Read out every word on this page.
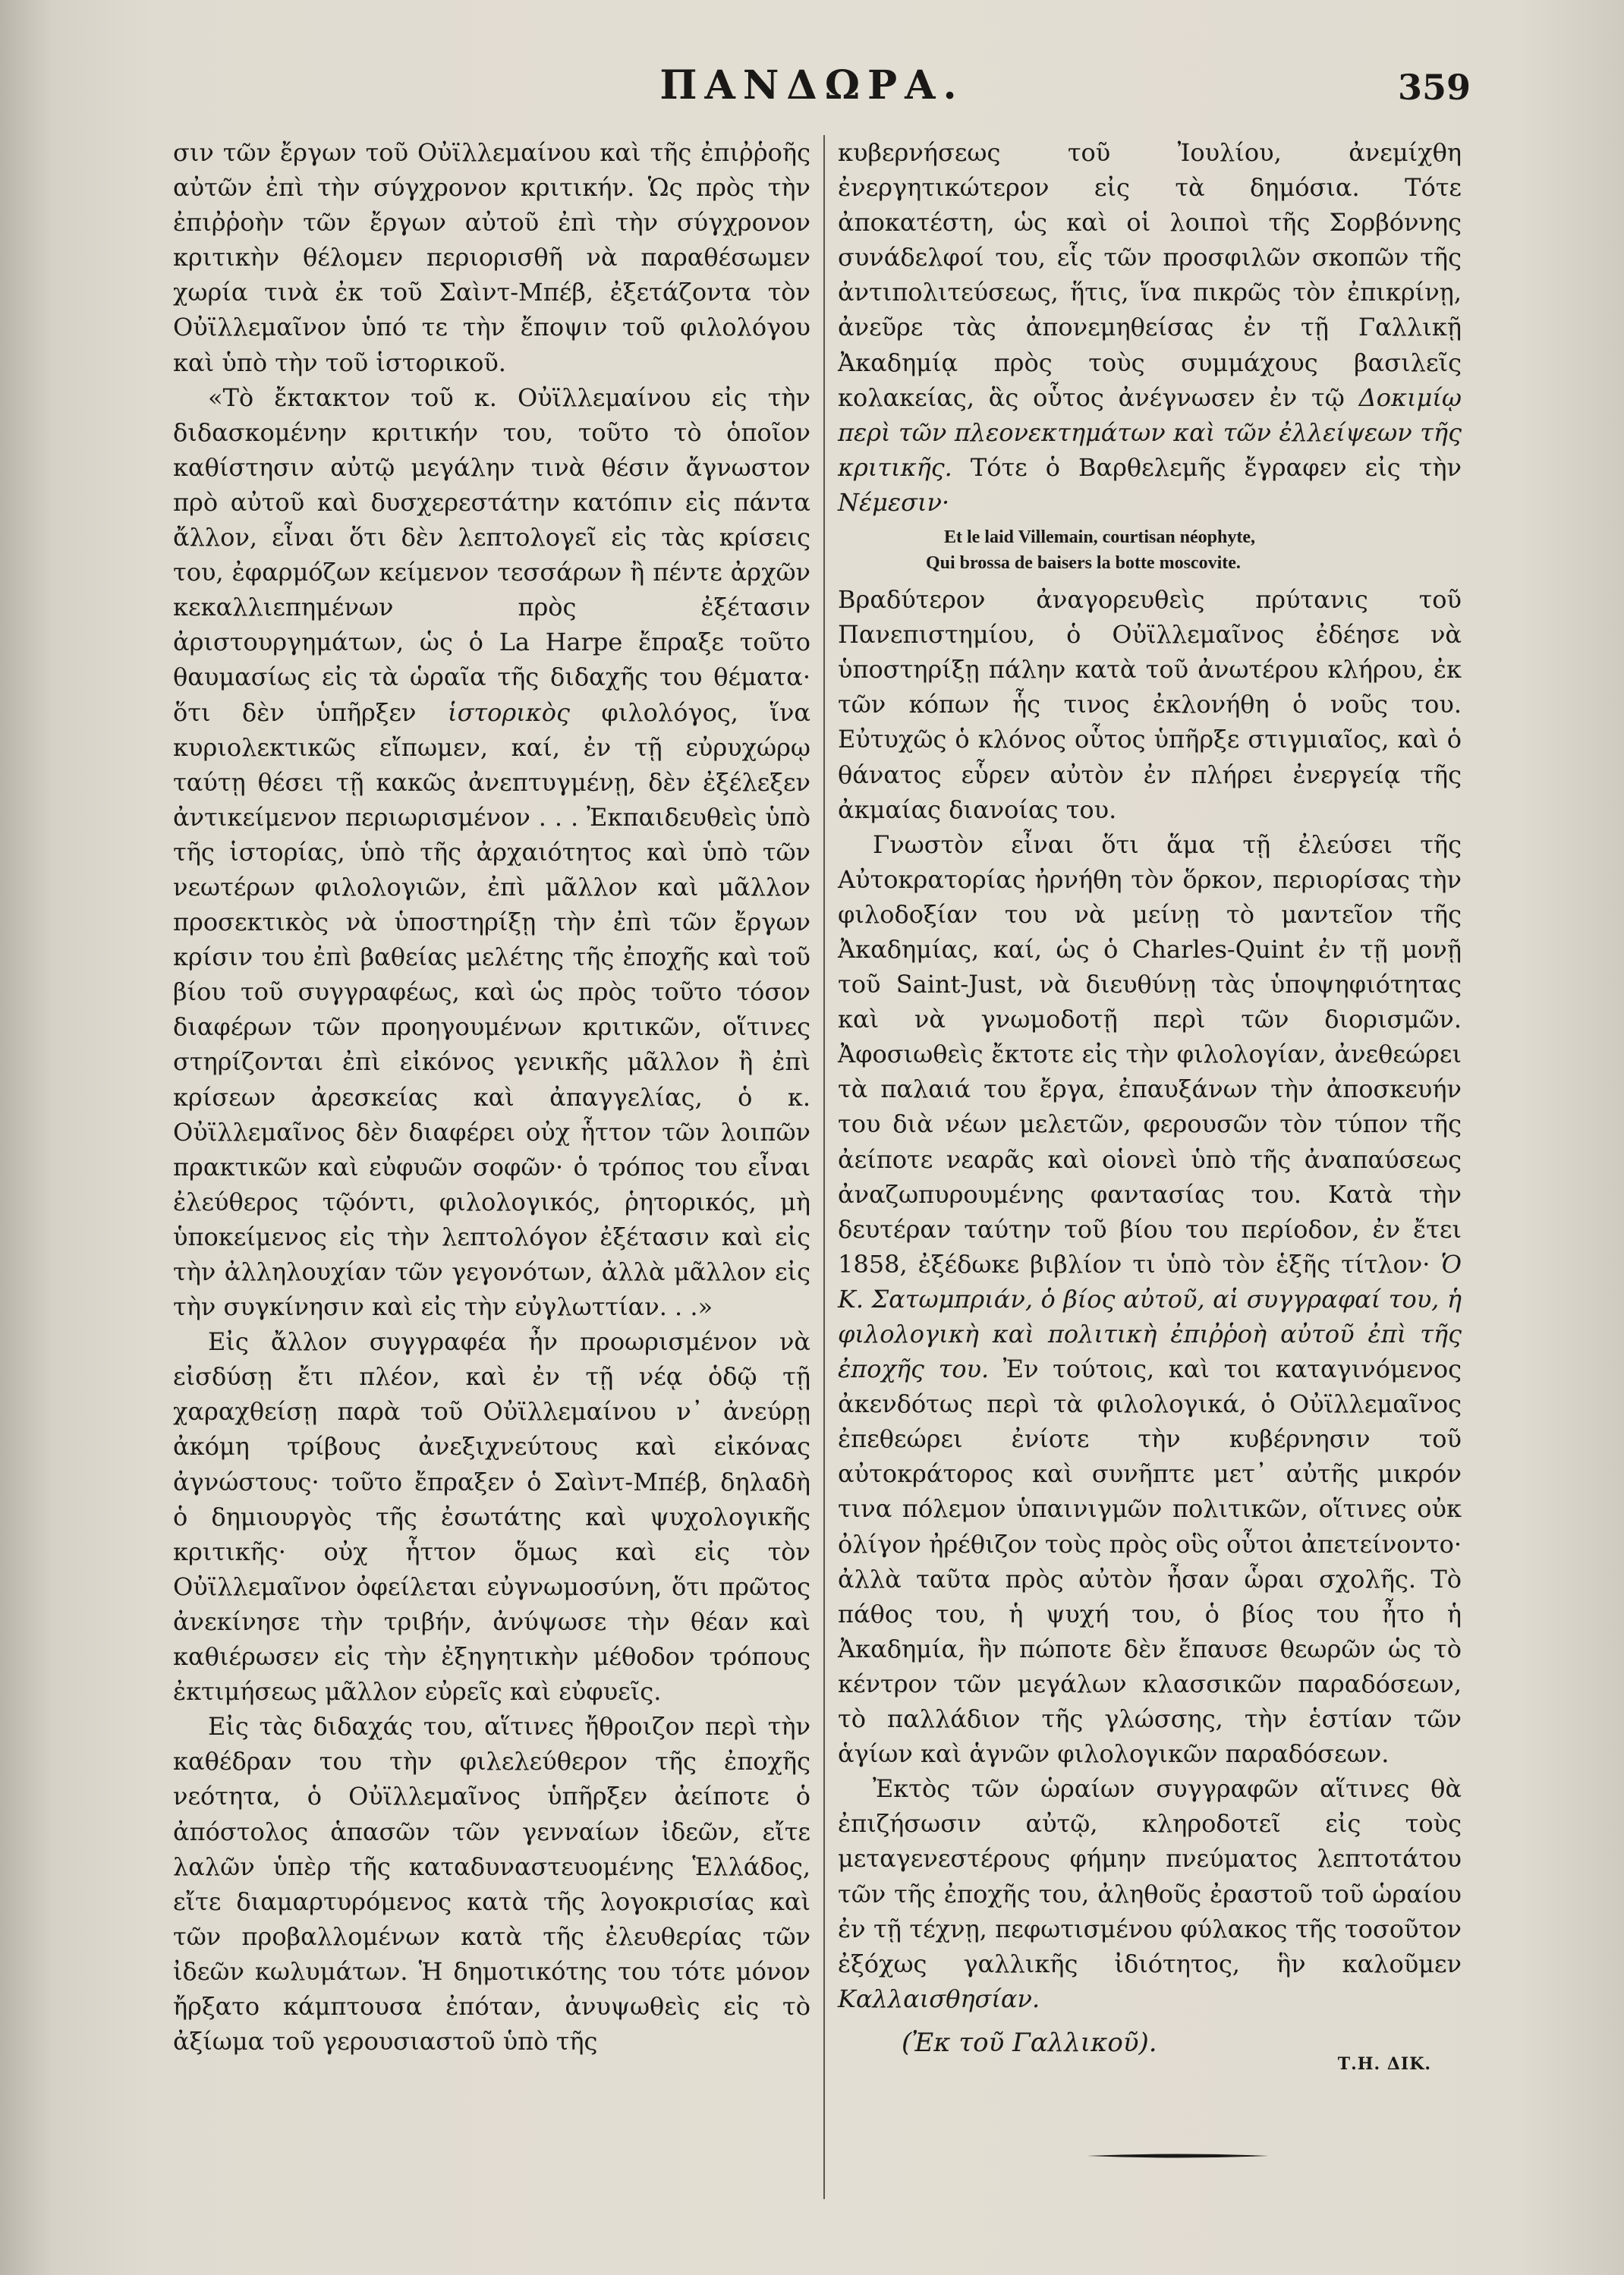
ΠΑΝΔΩΡΑ.	359

σιν τῶν ἔργων τοῦ Οὐϊλλεμαίνου καὶ τῆς ἐπιῤῥοῆς αὐτῶν ἐπὶ τὴν σύγχρονον κριτικήν. Ὡς πρὸς τὴν ἐπιῤῥοὴν τῶν ἔργων αὐτοῦ ἐπὶ τὴν σύγχρονον κριτικὴν θέλομεν περιορισθῆ νὰ παραθέσωμεν χωρία τινὰ ἐκ τοῦ Σαὶντ-Μπέβ, ἐξετάζοντα τὸν Οὐϊλλεμαῖνον ὑπό τε τὴν ἔποψιν τοῦ φιλολόγου καὶ ὑπὸ τὴν τοῦ ἱστορικοῦ.

«Τὸ ἔκτακτον τοῦ κ. Οὐϊλλεμαίνου εἰς τὴν διδασκομένην κριτικήν του, τοῦτο τὸ ὁποῖον καθίστησιν αὐτῷ μεγάλην τινὰ θέσιν ἄγνωστον πρὸ αὐτοῦ καὶ δυσχερεστάτην κατόπιν εἰς πάντα ἄλλον, εἶναι ὅτι δὲν λεπτολογεῖ εἰς τὰς κρίσεις του, ἐφαρμόζων κείμενον τεσσάρων ἢ πέντε ἀρχῶν κεκαλλιεπημένων πρὸς ἐξέτασιν ἀριστουργημάτων, ὡς ὁ La Harpe ἔπραξε τοῦτο θαυμασίως εἰς τὰ ὡραῖα τῆς διδαχῆς του θέματα· ὅτι δὲν ὑπῆρξεν ἱστορικὸς φιλολόγος, ἵνα κυριολεκτικῶς εἴπωμεν, καί, ἐν τῇ εὐρυχώρῳ ταύτῃ θέσει τῇ κακῶς ἀνεπτυγμένῃ, δὲν ἐξέλεξεν ἀντικείμενον περιωρισμένον . . . Ἐκπαιδευθεὶς ὑπὸ τῆς ἱστορίας, ὑπὸ τῆς ἀρχαιότητος καὶ ὑπὸ τῶν νεωτέρων φιλολογιῶν, ἐπὶ μᾶλλον καὶ μᾶλλον προσεκτικὸς νὰ ὑποστηρίξῃ τὴν ἐπὶ τῶν ἔργων κρίσιν του ἐπὶ βαθείας μελέτης τῆς ἐποχῆς καὶ τοῦ βίου τοῦ συγγραφέως, καὶ ὡς πρὸς τοῦτο τόσον διαφέρων τῶν προηγουμένων κριτικῶν, οἵτινες στηρίζονται ἐπὶ εἰκόνος γενικῆς μᾶλλον ἢ ἐπὶ κρίσεων ἀρεσκείας καὶ ἀπαγγελίας, ὁ κ. Οὐϊλλεμαῖνος δὲν διαφέρει οὐχ ἧττον τῶν λοιπῶν πρακτικῶν καὶ εὐφυῶν σοφῶν· ὁ τρόπος του εἶναι ἐλεύθερος τῷόντι, φιλολογικός, ῥητορικός, μὴ ὑποκείμενος εἰς τὴν λεπτολόγον ἐξέτασιν καὶ εἰς τὴν ἀλληλουχίαν τῶν γεγονότων, ἀλλὰ μᾶλλον εἰς τὴν συγκίνησιν καὶ εἰς τὴν εὐγλωττίαν. . .»

Εἰς ἄλλον συγγραφέα ἦν προωρισμένον νὰ εἰσδύσῃ ἔτι πλέον, καὶ ἐν τῇ νέᾳ ὁδῷ τῇ χαραχθείσῃ παρὰ τοῦ Οὐϊλλεμαίνου ν᾽ ἀνεύρῃ ἀκόμη τρίβους ἀνεξιχνεύτους καὶ εἰκόνας ἀγνώστους· τοῦτο ἔπραξεν ὁ Σαὶντ-Μπέβ, δηλαδὴ ὁ δημιουργὸς τῆς ἐσωτάτης καὶ ψυχολογικῆς κριτικῆς· οὐχ ἧττον ὅμως καὶ εἰς τὸν Οὐϊλλεμαῖνον ὀφείλεται εὐγνωμοσύνη, ὅτι πρῶτος ἀνεκίνησε τὴν τριβήν, ἀνύψωσε τὴν θέαν καὶ καθιέρωσεν εἰς τὴν ἐξηγητικὴν μέθοδον τρόπους ἐκτιμήσεως μᾶλλον εὐρεῖς καὶ εὐφυεῖς.

Εἰς τὰς διδαχάς του, αἵτινες ἤθροιζον περὶ τὴν καθέδραν του τὴν φιλελεύθερον τῆς ἐποχῆς νεότητα, ὁ Οὐϊλλεμαῖνος ὑπῆρξεν ἀείποτε ὁ ἀπόστολος ἁπασῶν τῶν γενναίων ἰδεῶν, εἴτε λαλῶν ὑπὲρ τῆς καταδυναστευομένης Ἑλλάδος, εἴτε διαμαρτυρόμενος κατὰ τῆς λογοκρισίας καὶ τῶν προβαλλομένων κατὰ τῆς ἐλευθερίας τῶν ἰδεῶν κωλυμάτων. Ἡ δημοτικότης του τότε μόνον ἤρξατο κάμπτουσα ἐπόταν, ἀνυψωθεὶς εἰς τὸ ἀξίωμα τοῦ γερουσιαστοῦ ὑπὸ τῆς

κυβερνήσεως τοῦ Ἰουλίου, ἀνεμίχθη ἐνεργητικώτερον εἰς τὰ δημόσια. Τότε ἀποκατέστη, ὡς καὶ οἱ λοιποὶ τῆς Σορβόννης συνάδελφοί του, εἷς τῶν προσφιλῶν σκοπῶν τῆς ἀντιπολιτεύσεως, ἥτις, ἵνα πικρῶς τὸν ἐπικρίνῃ, ἀνεῦρε τὰς ἀπονεμηθείσας ἐν τῇ Γαλλικῇ Ἀκαδημίᾳ πρὸς τοὺς συμμάχους βασιλεῖς κολακείας, ἃς οὗτος ἀνέγνωσεν ἐν τῷ Δοκιμίῳ περὶ τῶν πλεονεκτημάτων καὶ τῶν ἐλλείψεων τῆς κριτικῆς. Τότε ὁ Βαρθελεμῆς ἔγραφεν εἰς τὴν Νέμεσιν·

Et le laid Villemain, courtisan néophyte,
Qui brossa de baisers la botte moscovite.

Βραδύτερον ἀναγορευθεὶς πρύτανις τοῦ Πανεπιστημίου, ὁ Οὐϊλλεμαῖνος ἐδέησε νὰ ὑποστηρίξῃ πάλην κατὰ τοῦ ἀνωτέρου κλήρου, ἐκ τῶν κόπων ἧς τινος ἐκλονήθη ὁ νοῦς του. Εὐτυχῶς ὁ κλόνος οὗτος ὑπῆρξε στιγμιαῖος, καὶ ὁ θάνατος εὗρεν αὐτὸν ἐν πλήρει ἐνεργείᾳ τῆς ἀκμαίας διανοίας του.

Γνωστὸν εἶναι ὅτι ἅμα τῇ ἐλεύσει τῆς Αὐτοκρατορίας ἠρνήθη τὸν ὅρκον, περιορίσας τὴν φιλοδοξίαν του νὰ μείνῃ τὸ μαντεῖον τῆς Ἀκαδημίας, καί, ὡς ὁ Charles-Quint ἐν τῇ μονῇ τοῦ Saint-Just, νὰ διευθύνῃ τὰς ὑποψηφιότητας καὶ νὰ γνωμοδοτῇ περὶ τῶν διορισμῶν. Ἀφοσιωθεὶς ἔκτοτε εἰς τὴν φιλολογίαν, ἀνεθεώρει τὰ παλαιά του ἔργα, ἐπαυξάνων τὴν ἀποσκευήν του διὰ νέων μελετῶν, φερουσῶν τὸν τύπον τῆς ἀείποτε νεαρᾶς καὶ οἱονεὶ ὑπὸ τῆς ἀναπαύσεως ἀναζωπυρουμένης φαντασίας του. Κατὰ τὴν δευτέραν ταύτην τοῦ βίου του περίοδον, ἐν ἔτει 1858, ἐξέδωκε βιβλίον τι ὑπὸ τὸν ἑξῆς τίτλον· Ὁ Κ. Σατωμπριάν, ὁ βίος αὐτοῦ, αἱ συγγραφαί του, ἡ φιλολογικὴ καὶ πολιτικὴ ἐπιῤῥοὴ αὐτοῦ ἐπὶ τῆς ἐποχῆς του. Ἐν τούτοις, καὶ τοι καταγινόμενος ἀκενδότως περὶ τὰ φιλολογικά, ὁ Οὐϊλλεμαῖνος ἐπεθεώρει ἐνίοτε τὴν κυβέρνησιν τοῦ αὐτοκράτορος καὶ συνῆπτε μετ᾽ αὐτῆς μικρόν τινα πόλεμον ὑπαινιγμῶν πολιτικῶν, οἵτινες οὐκ ὀλίγον ἠρέθιζον τοὺς πρὸς οὓς οὗτοι ἀπετείνοντο· ἀλλὰ ταῦτα πρὸς αὐτὸν ἦσαν ὧραι σχολῆς. Τὸ πάθος του, ἡ ψυχή του, ὁ βίος του ἦτο ἡ Ἀκαδημία, ἣν πώποτε δὲν ἔπαυσε θεωρῶν ὡς τὸ κέντρον τῶν μεγάλων κλασσικῶν παραδόσεων, τὸ παλλάδιον τῆς γλώσσης, τὴν ἑστίαν τῶν ἁγίων καὶ ἁγνῶν φιλολογικῶν παραδόσεων.

Ἐκτὸς τῶν ὡραίων συγγραφῶν αἵτινες θὰ ἐπιζήσωσιν αὐτῷ, κληροδοτεῖ εἰς τοὺς μεταγενεστέρους φήμην πνεύματος λεπτοτάτου τῶν τῆς ἐποχῆς του, ἀληθοῦς ἐραστοῦ τοῦ ὡραίου ἐν τῇ τέχνῃ, πεφωτισμένου φύλακος τῆς τοσοῦτον ἐξόχως γαλλικῆς ἰδιότητος, ἣν καλοῦμεν Καλλαισθησίαν.

(Ἐκ τοῦ Γαλλικοῦ).
Τ.Η. ΔΙΚ.
